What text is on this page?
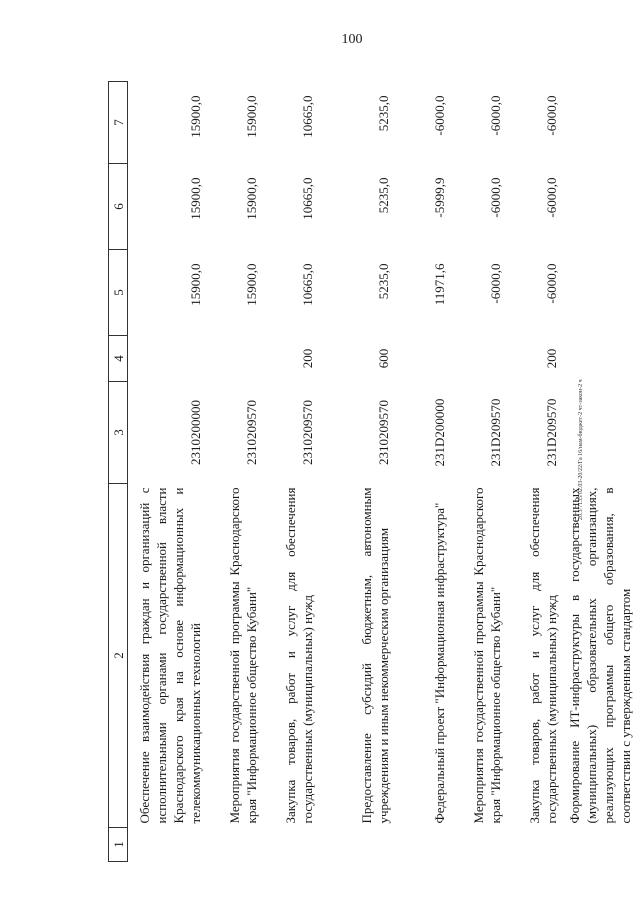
100
20.3/7135/02.03-20/22/Га 16/нам-бюджет-2 чт-закон-2 ч
1	2	3	4	5	6	7
	Обеспечение взаимодействия граждан и организаций с исполнительными органами государственной власти Краснодарского края на основе информационных и телекоммуникационных технологий	2310200000		15900,0	15900,0	15900,0
	Мероприятия государственной программы Краснодарского края "Информационное общество Кубани"	2310209570		15900,0	15900,0	15900,0
	Закупка товаров, работ и услуг для обеспечения государственных (муниципальных) нужд	2310209570	200	10665,0	10665,0	10665,0
	Предоставление субсидий бюджетным, автономным учреждениям и иным некоммерческим организациям	2310209570	600	5235,0	5235,0	5235,0
	Федеральный проект "Информационная инфраструктура"	231D200000		11971,6	-5999,9	-6000,0
	Мероприятия государственной программы Краснодарского края "Информационное общество Кубани"	231D209570		-6000,0	-6000,0	-6000,0
	Закупка товаров, работ и услуг для обеспечения государственных (муниципальных) нужд	231D209570	200	-6000,0	-6000,0	-6000,0
	Формирование ИТ-инфраструктуры в государственных (муниципальных) образовательных организациях, реализующих программы общего образования, в соответствии с утвержденным стандартом					
